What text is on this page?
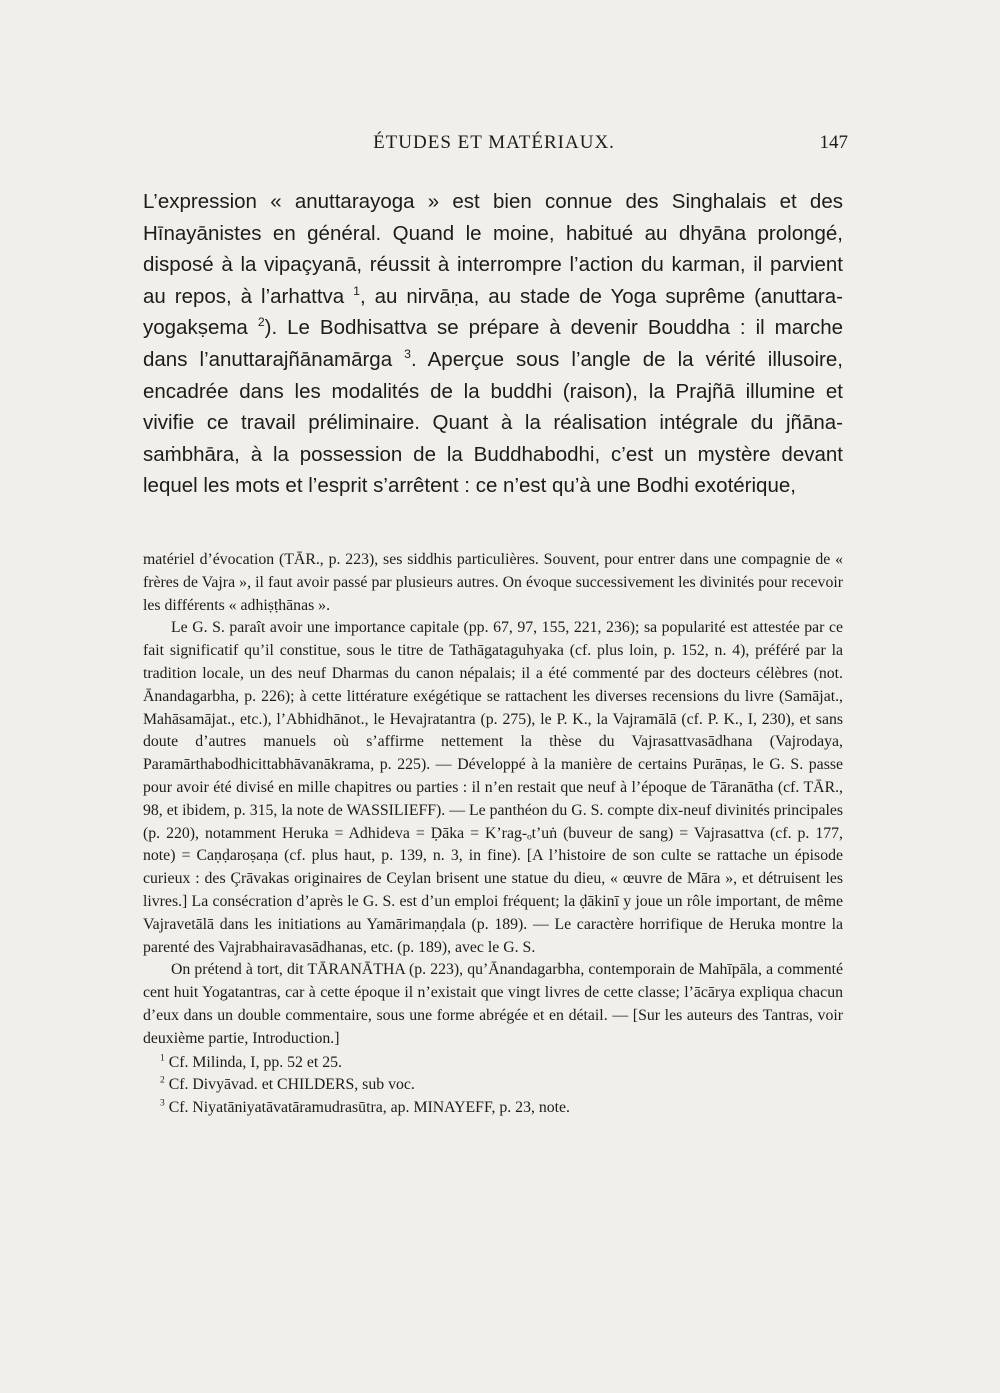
ÉTUDES ET MATÉRIAUX.	147

L’expression « anuttarayoga » est bien connue des Singhalais et des Hīnayānistes en général. Quand le moine, habitué au dhyāna prolongé, disposé à la vipaçyanā, réussit à interrompre l’action du karman, il parvient au repos, à l’arhattva $^1$, au nirvāṇa, au stade de Yoga suprême (anuttara-yogakṣema $^2$). Le Bodhisattva se prépare à devenir Bouddha : il marche dans l’anuttarajñānamārga $^3$. Aperçue sous l’angle de la vérité illusoire, encadrée dans les modalités de la buddhi (raison), la Prajñā illumine et vivifie ce travail préliminaire. Quant à la réalisation intégrale du jñāna-saṁbhāra, à la possession de la Buddhabodhi, c’est un mystère devant lequel les mots et l’esprit s’arrêtent : ce n’est qu’à une Bodhi exotérique,

matériel d’évocation (TĀR., p. 223), ses siddhis particulières. Souvent, pour entrer dans une compagnie de « frères de Vajra », il faut avoir passé par plusieurs autres. On évoque successivement les divinités pour recevoir les différents « adhiṣṭhānas ».

Le G. S. paraît avoir une importance capitale (pp. 67, 97, 155, 221, 236); sa popularité est attestée par ce fait significatif qu’il constitue, sous le titre de Tathāgataguhyaka (cf. plus loin, p. 152, n. 4), préféré par la tradition locale, un des neuf Dharmas du canon népalais; il a été commenté par des docteurs célèbres (not. Ānandagarbha, p. 226); à cette littérature exégétique se rattachent les diverses recensions du livre (Samājat., Mahāsamājat., etc.), l’Abhidhānot., le Hevajratantra (p. 275), le P. K., la Vajramālā (cf. P. K., I, 230), et sans doute d’autres manuels où s’affirme nettement la thèse du Vajrasattvasādhana (Vajrodaya, Paramārthabodhicittabhāvanākrama, p. 225). — Développé à la manière de certains Purāṇas, le G. S. passe pour avoir été divisé en mille chapitres ou parties : il n’en restait que neuf à l’époque de Tāranātha (cf. TĀR., 98, et ibidem, p. 315, la note de WASSILIEFF). — Le panthéon du G. S. compte dix-neuf divinités principales (p. 220), notamment Heruka = Adhideva = Ḍāka = K’rag-ₒt’uṅ (buveur de sang) = Vajrasattva (cf. p. 177, note) = Caṇḍaroṣaṇa (cf. plus haut, p. 139, n. 3, in fine). [A l’histoire de son culte se rattache un épisode curieux : des Çrāvakas originaires de Ceylan brisent une statue du dieu, « œuvre de Māra », et détruisent les livres.] La consécration d’après le G. S. est d’un emploi fréquent; la ḍākinī y joue un rôle important, de même Vajravetālā dans les initiations au Yamārimaṇḍala (p. 189). — Le caractère horrifique de Heruka montre la parenté des Vajrabhairavasādhanas, etc. (p. 189), avec le G. S.

On prétend à tort, dit TĀRANĀTHA (p. 223), qu’Ānandagarbha, contemporain de Mahīpāla, a commenté cent huit Yogatantras, car à cette époque il n’existait que vingt livres de cette classe; l’ācārya expliqua chacun d’eux dans un double commentaire, sous une forme abrégée et en détail. — [Sur les auteurs des Tantras, voir deuxième partie, Introduction.]

$^1$ Cf. Milinda, I, pp. 52 et 25.
$^2$ Cf. Divyāvad. et CHILDERS, sub voc.
$^3$ Cf. Niyatāniyatāvatāramudrasūtra, ap. MINAYEFF, p. 23, note.
